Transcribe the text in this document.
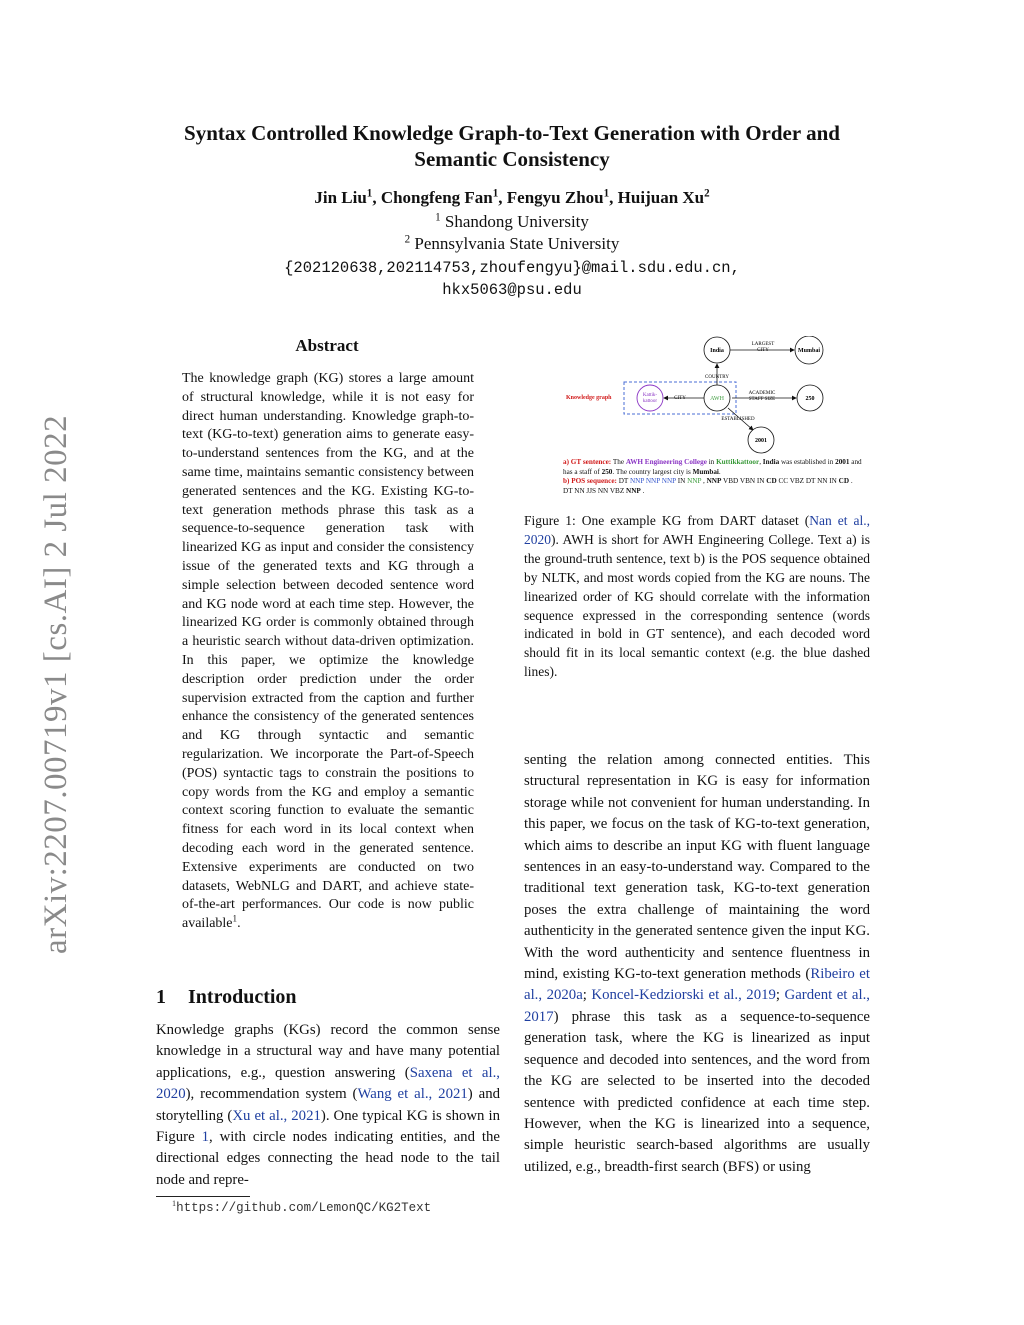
arXiv:2207.00719v1 [cs.AI] 2 Jul 2022
Syntax Controlled Knowledge Graph-to-Text Generation with Order and
Semantic Consistency
Jin Liu$^1$, Chongfeng Fan$^1$, Fengyu Zhou$^1$, Huijuan Xu$^2$
$^1$ Shandong University
$^2$ Pennsylvania State University
{202120638,202114753,zhoufengyu}@mail.sdu.edu.cn,
hkx5063@psu.edu
Abstract
The knowledge graph (KG) stores a large amount of structural knowledge, while it is not easy for direct human understanding. Knowledge graph-to-text (KG-to-text) generation aims to generate easy-to-understand sentences from the KG, and at the same time, maintains semantic consistency between generated sentences and the KG. Existing KG-to-text generation methods phrase this task as a sequence-to-sequence generation task with linearized KG as input and consider the consistency issue of the generated texts and KG through a simple selection between decoded sentence word and KG node word at each time step. However, the linearized KG order is commonly obtained through a heuristic search without data-driven optimization. In this paper, we optimize the knowledge description order prediction under the order supervision extracted from the caption and further enhance the consistency of the generated sentences and KG through syntactic and semantic regularization. We incorporate the Part-of-Speech (POS) syntactic tags to constrain the positions to copy words from the KG and employ a semantic context scoring function to evaluate the semantic fitness for each word in its local context when decoding each word in the generated sentence. Extensive experiments are conducted on two datasets, WebNLG and DART, and achieve state-of-the-art performances. Our code is now public available$^1$.
1 Introduction
Knowledge graphs (KGs) record the common sense knowledge in a structural way and have many potential applications, e.g., question answering (Saxena et al., 2020), recommendation system (Wang et al., 2021) and storytelling (Xu et al., 2021). One typical KG is shown in Figure 1, with circle nodes indicating entities, and the directional edges connecting the head node to the tail node and repre-
senting the relation among connected entities. This structural representation in KG is easy for information storage while not convenient for human understanding. In this paper, we focus on the task of KG-to-text generation, which aims to describe an input KG with fluent language sentences in an easy-to-understand way. Compared to the traditional text generation task, KG-to-text generation poses the extra challenge of maintaining the word authenticity in the generated sentence given the input KG. With the word authenticity and sentence fluentness in mind, existing KG-to-text generation methods (Ribeiro et al., 2020a; Koncel-Kedziorski et al., 2019; Gardent et al., 2017) phrase this task as a sequence-to-sequence generation task, where the KG is linearized as input sequence and decoded into sentences, and the word from the KG are selected to be inserted into the decoded sentence with predicted confidence at each time step. However, when the KG is linearized into a sequence, simple heuristic search-based algorithms are usually utilized, e.g., breadth-first search (BFS) or using
$^1$https://github.com/LemonQC/KG2Text
India	Mumbai
Kattik-
kattoor	AWH	250
2001
LARGEST
CITY
COUNTRY
CITY
ACADEMIC
STAFF SIZE
ESTABLISHED
Knowledge graph
a) GT sentence: The AWH Engineering College in Kuttikkattoor, India was established in 2001 and has a staff of 250. The country largest city is Mumbai.
b) POS sequence: DT NNP NNP NNP IN NNP , NNP VBD VBN IN CD CC VBZ DT NN IN CD . DT NN JJS NN VBZ NNP .
Figure 1: One example KG from DART dataset (Nan et al., 2020). AWH is short for AWH Engineering College. Text a) is the ground-truth sentence, text b) is the POS sequence obtained by NLTK, and most words copied from the KG are nouns. The linearized order of KG should correlate with the information sequence expressed in the corresponding sentence (words indicated in bold in GT sentence), and each decoded word should fit in its local semantic context (e.g. the blue dashed lines).
